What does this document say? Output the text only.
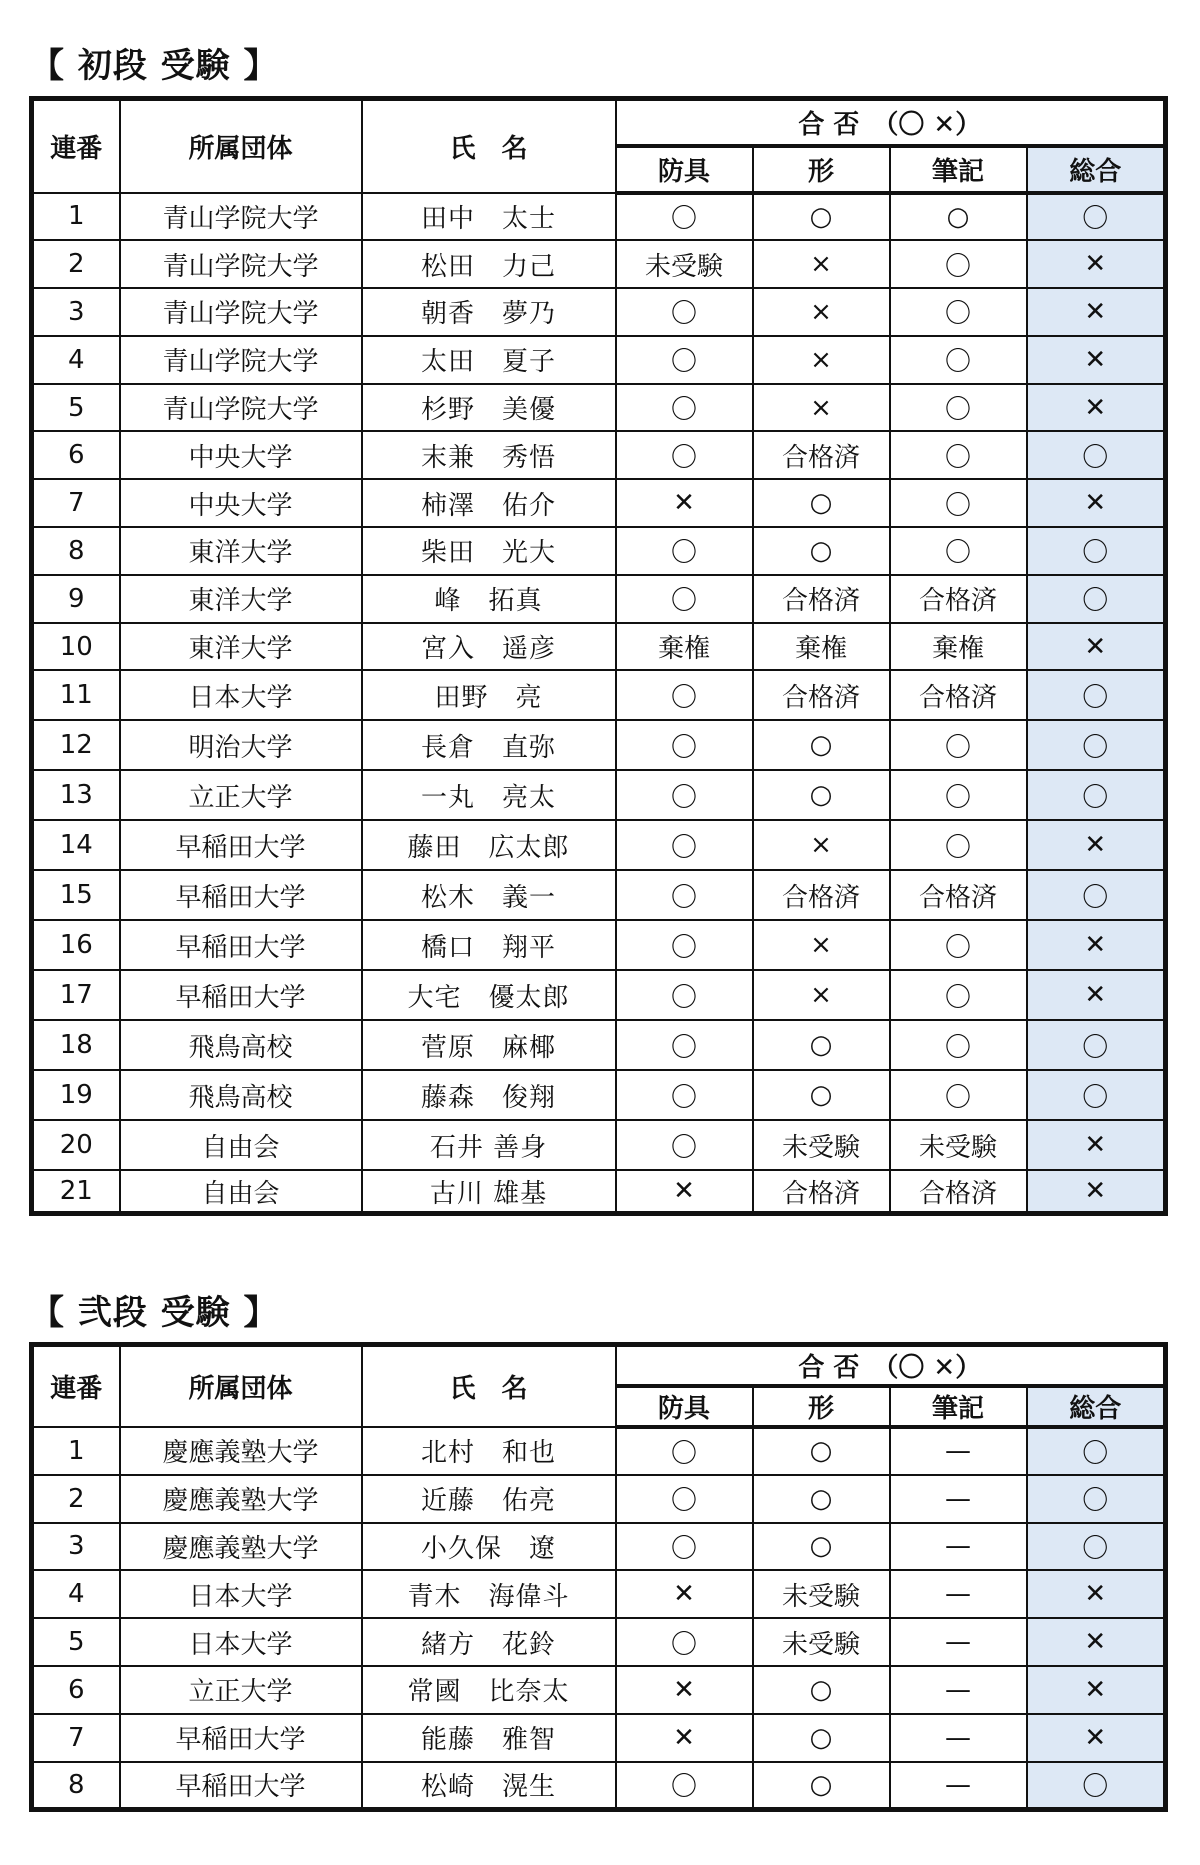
【 初段 受験 】
連番	所属団体	氏　名	合 否　（〇 ✕）			
			防具	形	筆記	総合
1	青山学院大学	田中　太士	〇	○	○	〇
2	青山学院大学	松田　力己	未受験	×	〇	✕
3	青山学院大学	朝香　夢乃	〇	×	〇	✕
4	青山学院大学	太田　夏子	〇	×	〇	✕
5	青山学院大学	杉野　美優	〇	×	〇	✕
6	中央大学	末兼　秀悟	〇	合格済	〇	〇
7	中央大学	柿澤　佑介	✕	○	〇	✕
8	東洋大学	柴田　光大	〇	○	〇	〇
9	東洋大学	峰　拓真	〇	合格済	合格済	〇
10	東洋大学	宮入　遥彦	棄権	棄権	棄権	✕
11	日本大学	田野　亮	〇	合格済	合格済	〇
12	明治大学	長倉　直弥	〇	○	〇	〇
13	立正大学	一丸　亮太	〇	○	〇	〇
14	早稲田大学	藤田　広太郎	〇	×	〇	✕
15	早稲田大学	松木　義一	〇	合格済	合格済	〇
16	早稲田大学	橋口　翔平	〇	×	〇	✕
17	早稲田大学	大宅　優太郎	〇	×	〇	✕
18	飛鳥高校	菅原　麻椰	〇	○	〇	〇
19	飛鳥高校	藤森　俊翔	〇	○	〇	〇
20	自由会	石井 善身	〇	未受験	未受験	✕
21	自由会	古川 雄基	✕	合格済	合格済	✕
【 弐段 受験 】
連番	所属団体	氏　名	合 否　（〇 ✕）			
			防具	形	筆記	総合
1	慶應義塾大学	北村　和也	〇	○	—	〇
2	慶應義塾大学	近藤　佑亮	〇	○	—	〇
3	慶應義塾大学	小久保　遼	〇	○	—	〇
4	日本大学	青木　海偉斗	✕	未受験	—	✕
5	日本大学	緒方　花鈴	〇	未受験	—	✕
6	立正大学	常國　比奈太	✕	○	—	✕
7	早稲田大学	能藤　雅智	✕	○	—	✕
8	早稲田大学	松崎　滉生	〇	○	—	〇
